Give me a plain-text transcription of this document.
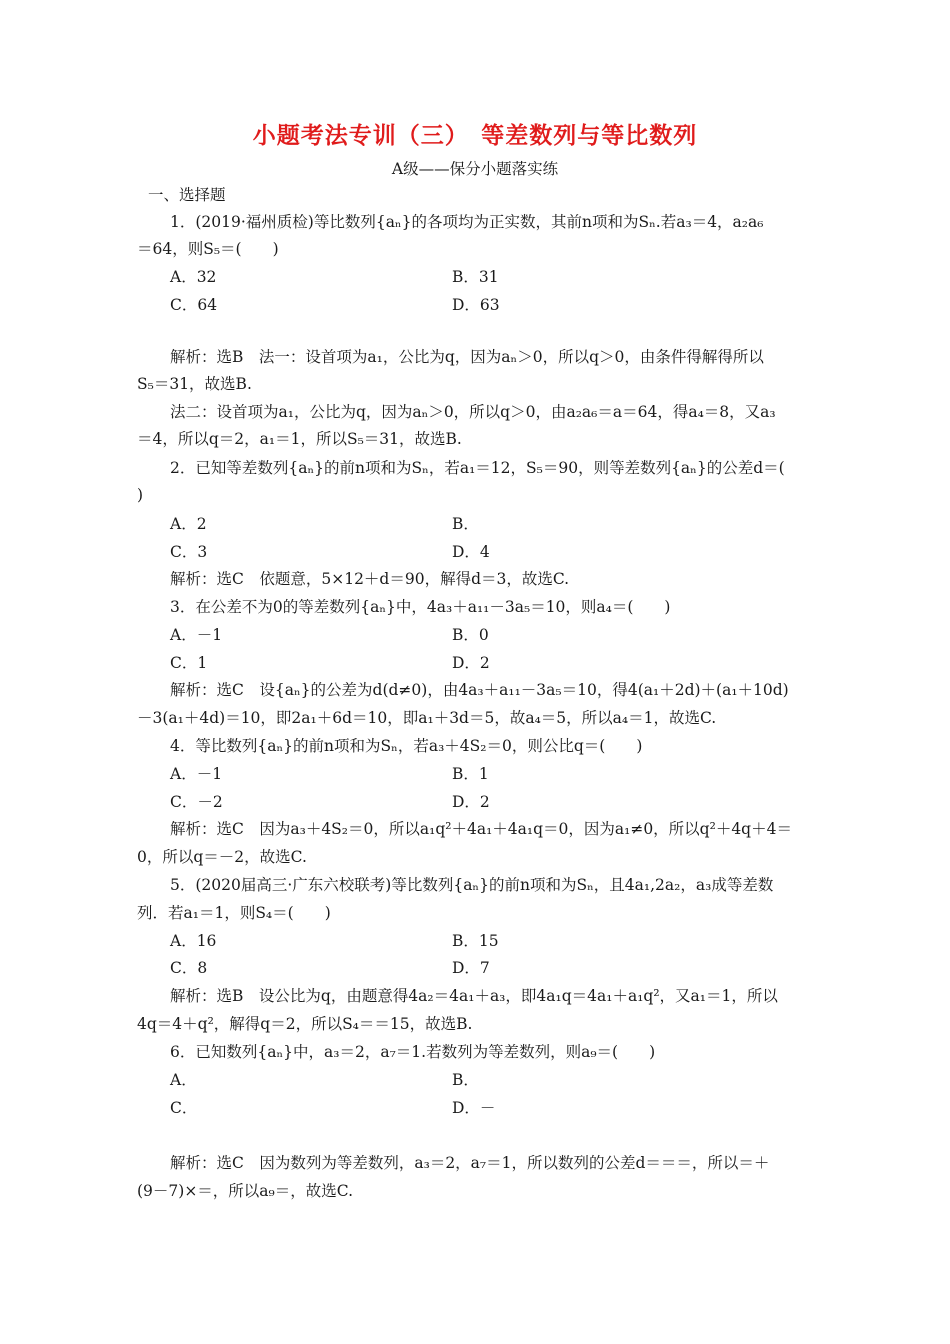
小题考法专训（三）　等差数列与等比数列
A级——保分小题落实练
一、选择题
1．(2019·福州质检)等比数列{aₙ}的各项均为正实数，其前n项和为Sₙ.若a₃＝4，a₂a₆
＝64，则S₅＝(　　)
A．32	B．31
C．64	D．63
解析：选B　法一：设首项为a₁，公比为q，因为aₙ＞0，所以q＞0，由条件得解得所以
S₅＝31，故选B.
法二：设首项为a₁，公比为q，因为aₙ＞0，所以q＞0，由a₂a₆＝a＝64，得a₄＝8，又a₃
＝4，所以q＝2，a₁＝1，所以S₅＝31，故选B.
2．已知等差数列{aₙ}的前n项和为Sₙ，若a₁＝12，S₅＝90，则等差数列{aₙ}的公差d＝(
)
A．2	B．
C．3	D．4
解析：选C　依题意，5×12＋d＝90，解得d＝3，故选C.
3．在公差不为0的等差数列{aₙ}中，4a₃＋a₁₁－3a₅＝10，则a₄＝(　　)
A．－1	B．0
C．1	D．2
解析：选C　设{aₙ}的公差为d(d≠0)，由4a₃＋a₁₁－3a₅＝10，得4(a₁＋2d)＋(a₁＋10d)
－3(a₁＋4d)＝10，即2a₁＋6d＝10，即a₁＋3d＝5，故a₄＝5，所以a₄＝1，故选C.
4．等比数列{aₙ}的前n项和为Sₙ，若a₃＋4S₂＝0，则公比q＝(　　)
A．－1	B．1
C．－2	D．2
解析：选C　因为a₃＋4S₂＝0，所以a₁q²＋4a₁＋4a₁q＝0，因为a₁≠0，所以q²＋4q＋4＝
0，所以q＝－2，故选C.
5．(2020届高三·广东六校联考)等比数列{aₙ}的前n项和为Sₙ，且4a₁,2a₂，a₃成等差数
列．若a₁＝1，则S₄＝(　　)
A．16	B．15
C．8	D．7
解析：选B　设公比为q，由题意得4a₂＝4a₁＋a₃，即4a₁q＝4a₁＋a₁q²，又a₁＝1，所以
4q＝4＋q²，解得q＝2，所以S₄＝＝15，故选B.
6．已知数列{aₙ}中，a₃＝2，a₇＝1.若数列为等差数列，则a₉＝(　　)
A．	B．
C．	D．－
解析：选C　因为数列为等差数列，a₃＝2，a₇＝1，所以数列的公差d＝＝＝，所以＝＋
(9－7)×＝，所以a₉＝，故选C.
